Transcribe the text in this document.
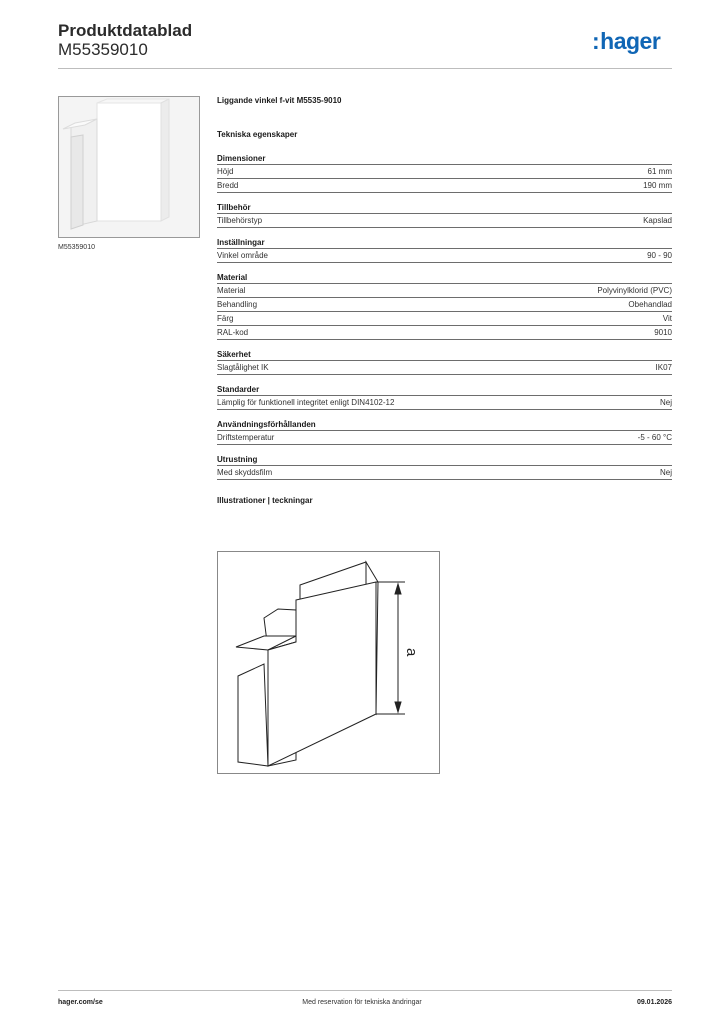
Produktdatablad
M55359010	:hager
M55359010
Liggande vinkel f-vit M5535-9010
Tekniska egenskaper
Dimensioner
Höjd	61 mm
Bredd	190 mm
Tillbehör
Tillbehörstyp	Kapslad
Inställningar
Vinkel område	90 - 90
Material
Material	Polyvinylklorid (PVC)
Behandling	Obehandlad
Färg	Vit
RAL-kod	9010
Säkerhet
Slagtålighet IK	IK07
Standarder
Lämplig för funktionell integritet enligt DIN4102-12	Nej
Användningsförhållanden
Driftstemperatur	-5 - 60 °C
Utrustning
Med skyddsfilm	Nej
Illustrationer | teckningar
a
hager.com/se	Med reservation för tekniska ändringar	09.01.2026
